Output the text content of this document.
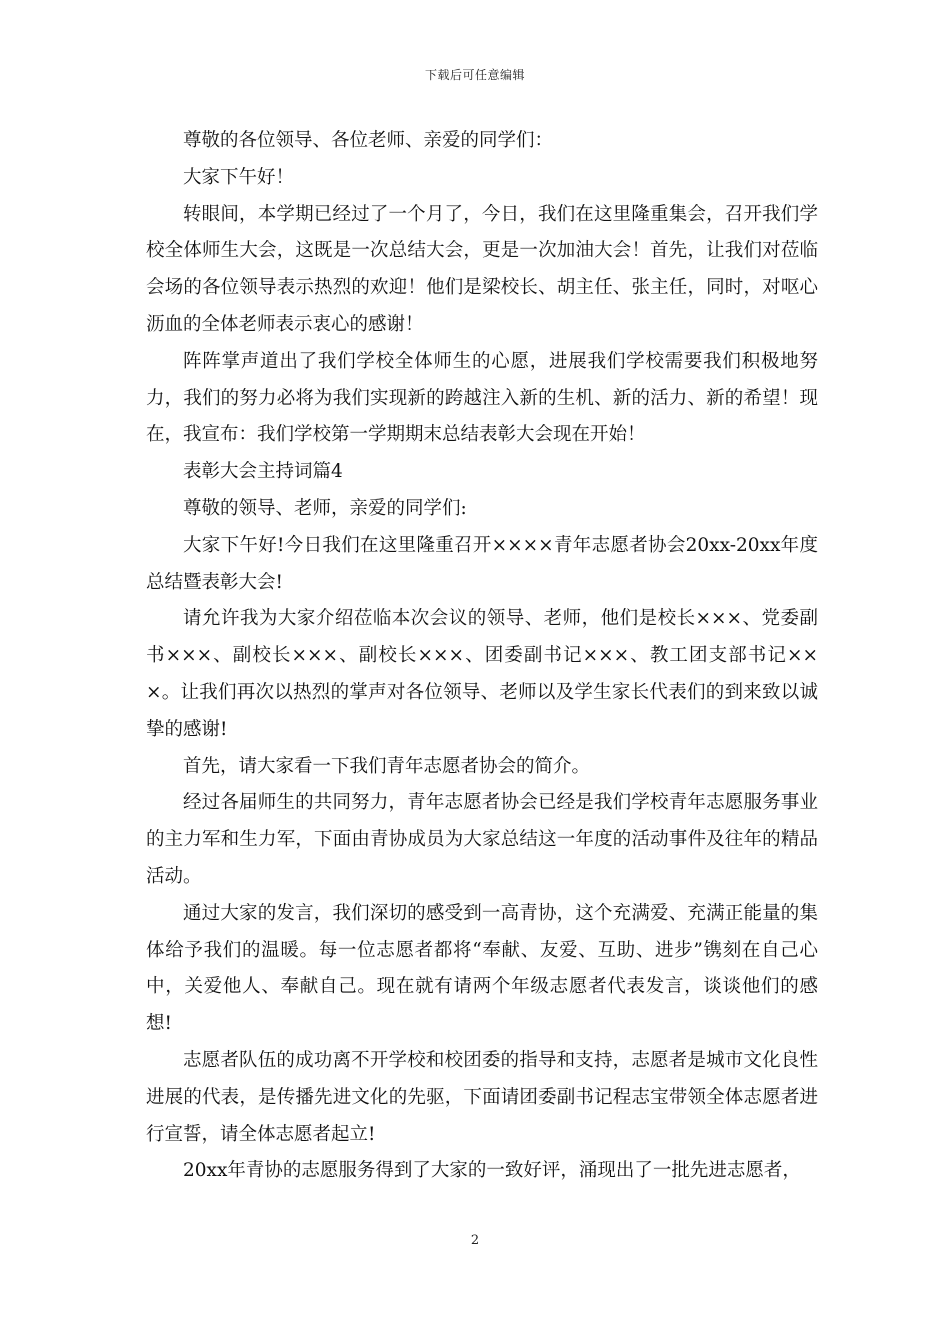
下载后可任意编辑

尊敬的各位领导、各位老师、亲爱的同学们：

大家下午好！

转眼间，本学期已经过了一个月了，今日，我们在这里隆重集会，召开我们学校全体师生大会，这既是一次总结大会，更是一次加油大会！首先，让我们对莅临会场的各位领导表示热烈的欢迎！他们是梁校长、胡主任、张主任，同时，对呕心沥血的全体老师表示衷心的感谢！

阵阵掌声道出了我们学校全体师生的心愿，进展我们学校需要我们积极地努力，我们的努力必将为我们实现新的跨越注入新的生机、新的活力、新的希望！现在，我宣布：我们学校第一学期期末总结表彰大会现在开始！

表彰大会主持词篇4

尊敬的领导、老师，亲爱的同学们:

大家下午好!今日我们在这里隆重召开××××青年志愿者协会20xx-20xx年度总结暨表彰大会!

请允许我为大家介绍莅临本次会议的领导、老师，他们是校长×××、党委副书×××、副校长×××、副校长×××、团委副书记×××、教工团支部书记×××。让我们再次以热烈的掌声对各位领导、老师以及学生家长代表们的到来致以诚挚的感谢!

首先，请大家看一下我们青年志愿者协会的简介。

经过各届师生的共同努力，青年志愿者协会已经是我们学校青年志愿服务事业的主力军和生力军，下面由青协成员为大家总结这一年度的活动事件及往年的精品活动。

通过大家的发言，我们深切的感受到一高青协，这个充满爱、充满正能量的集体给予我们的温暖。每一位志愿者都将“奉献、友爱、互助、进步”镌刻在自己心中，关爱他人、奉献自己。现在就有请两个年级志愿者代表发言，谈谈他们的感想!

志愿者队伍的成功离不开学校和校团委的指导和支持，志愿者是城市文化良性进展的代表，是传播先进文化的先驱，下面请团委副书记程志宝带领全体志愿者进行宣誓，请全体志愿者起立!

20xx年青协的志愿服务得到了大家的一致好评，涌现出了一批先进志愿者，

2
